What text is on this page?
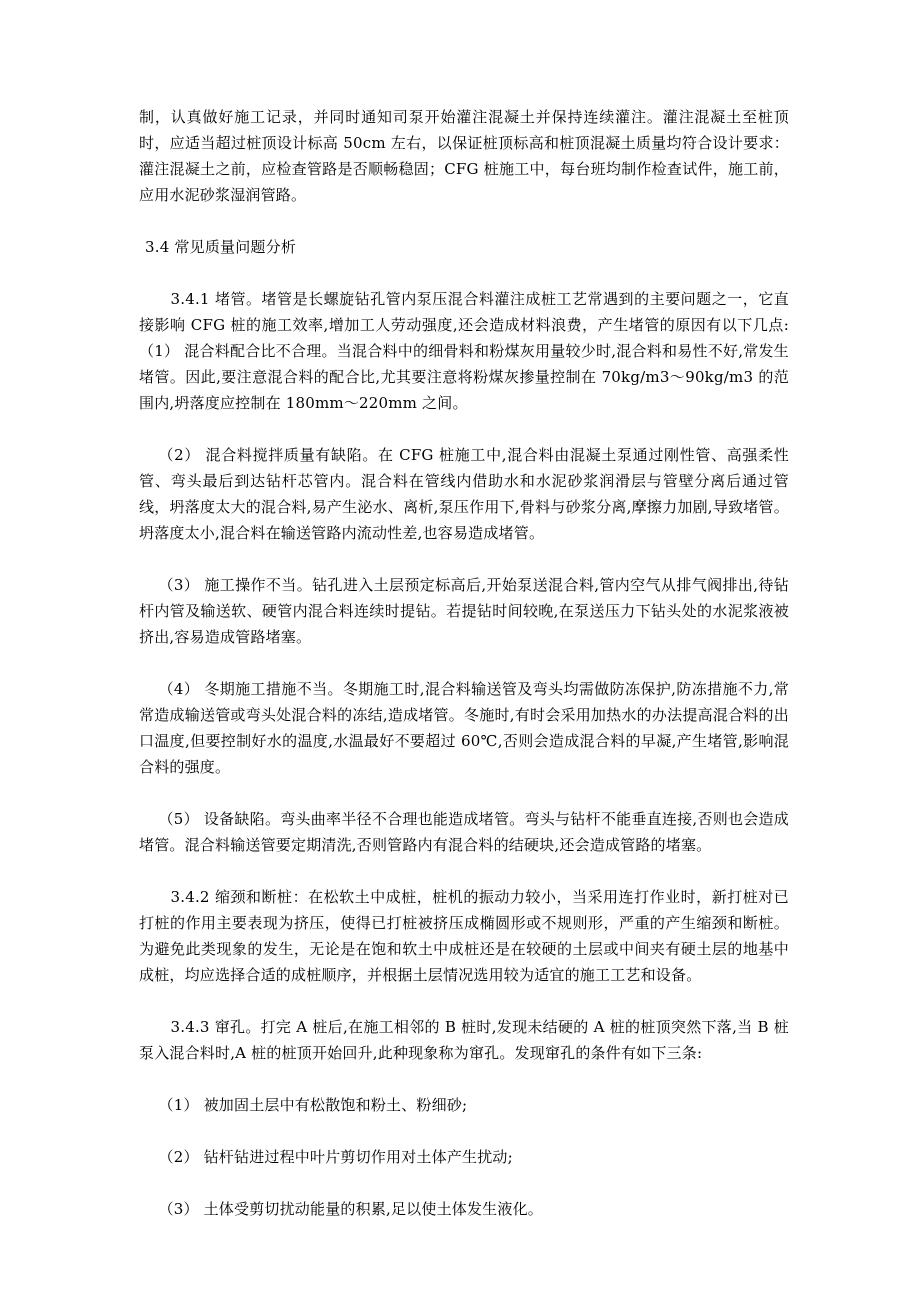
制，认真做好施工记录，并同时通知司泵开始灌注混凝土并保持连续灌注。灌注混凝土至桩顶时，应适当超过桩顶设计标高 50cm 左右，以保证桩顶标高和桩顶混凝土质量均符合设计要求：灌注混凝土之前，应检查管路是否顺畅稳固；CFG 桩施工中，每台班均制作检查试件，施工前，应用水泥砂浆湿润管路。

3.4 常见质量问题分析

3.4.1 堵管。堵管是长螺旋钻孔管内泵压混合料灌注成桩工艺常遇到的主要问题之一，它直接影响 CFG 桩的施工效率,增加工人劳动强度,还会造成材料浪费，产生堵管的原因有以下几点: （1） 混合料配合比不合理。当混合料中的细骨料和粉煤灰用量较少时,混合料和易性不好,常发生堵管。因此,要注意混合料的配合比,尤其要注意将粉煤灰掺量控制在 70kg/m3～90kg/m3 的范围内,坍落度应控制在 180mm～220mm 之间。

（2） 混合料搅拌质量有缺陷。在 CFG 桩施工中,混合料由混凝土泵通过刚性管、高强柔性管、弯头最后到达钻杆芯管内。混合料在管线内借助水和水泥砂浆润滑层与管壁分离后通过管线，坍落度太大的混合料,易产生泌水、离析,泵压作用下,骨料与砂浆分离,摩擦力加剧,导致堵管。坍落度太小,混合料在输送管路内流动性差,也容易造成堵管。

（3） 施工操作不当。钻孔进入土层预定标高后,开始泵送混合料,管内空气从排气阀排出,待钻杆内管及输送软、硬管内混合料连续时提钻。若提钻时间较晚,在泵送压力下钻头处的水泥浆液被挤出,容易造成管路堵塞。

（4） 冬期施工措施不当。冬期施工时,混合料输送管及弯头均需做防冻保护,防冻措施不力,常常造成输送管或弯头处混合料的冻结,造成堵管。冬施时,有时会采用加热水的办法提高混合料的出口温度,但要控制好水的温度,水温最好不要超过 60℃,否则会造成混合料的早凝,产生堵管,影响混合料的强度。

（5） 设备缺陷。弯头曲率半径不合理也能造成堵管。弯头与钻杆不能垂直连接,否则也会造成堵管。混合料输送管要定期清洗,否则管路内有混合料的结硬块,还会造成管路的堵塞。

3.4.2 缩颈和断桩：在松软土中成桩，桩机的振动力较小，当采用连打作业时，新打桩对已打桩的作用主要表现为挤压，使得已打桩被挤压成椭圆形或不规则形，严重的产生缩颈和断桩。为避免此类现象的发生，无论是在饱和软土中成桩还是在较硬的土层或中间夹有硬土层的地基中成桩，均应选择合适的成桩顺序，并根据土层情况选用较为适宜的施工工艺和设备。

3.4.3 窜孔。打完 A 桩后,在施工相邻的 B 桩时,发现未结硬的 A 桩的桩顶突然下落,当 B 桩泵入混合料时,A 桩的桩顶开始回升,此种现象称为窜孔。发现窜孔的条件有如下三条:

（1） 被加固土层中有松散饱和粉土、粉细砂;

（2） 钻杆钻进过程中叶片剪切作用对土体产生扰动;

（3） 土体受剪切扰动能量的积累,足以使土体发生液化。
